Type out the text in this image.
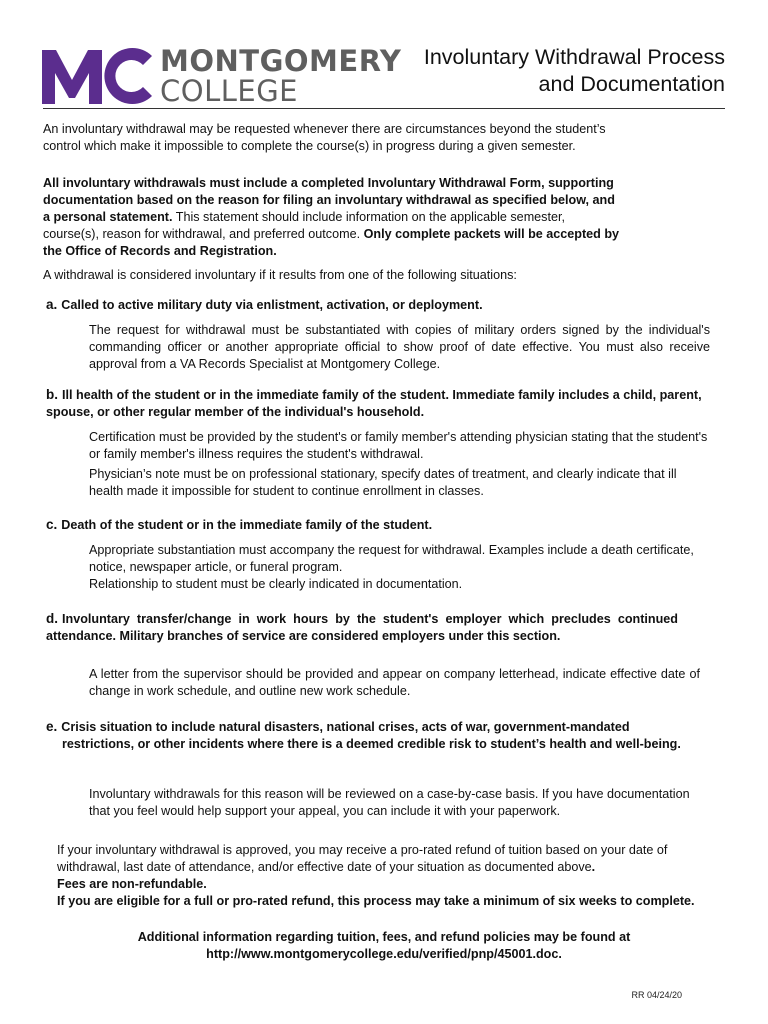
MONTGOMERY
COLLEGE
Involuntary Withdrawal Process
and Documentation
An involuntary withdrawal may be requested whenever there are circumstances beyond the student’s
control which make it impossible to complete the course(s) in progress during a given semester.
All involuntary withdrawals must include a completed Involuntary Withdrawal Form, supporting
documentation based on the reason for filing an involuntary withdrawal as specified below, and
a personal statement. This statement should include information on the applicable semester,
course(s), reason for withdrawal, and preferred outcome. Only complete packets will be accepted by
the Office of Records and Registration.
A withdrawal is considered involuntary if it results from one of the following situations:
a. Called to active military duty via enlistment, activation, or deployment.
The request for withdrawal must be substantiated with copies of military orders signed by the individual's commanding officer or another appropriate official to show proof of date effective. You must also receive approval from a VA Records Specialist at Montgomery College.
b. Ill health of the student or in the immediate family of the student. Immediate family includes a child, parent, spouse, or other regular member of the individual's household.
Certification must be provided by the student's or family member's attending physician stating that the student's or family member's illness requires the student's withdrawal.
Physician’s note must be on professional stationary, specify dates of treatment, and clearly indicate that ill health made it impossible for student to continue enrollment in classes.
c. Death of the student or in the immediate family of the student.
Appropriate substantiation must accompany the request for withdrawal. Examples include a death certificate, notice, newspaper article, or funeral program.
Relationship to student must be clearly indicated in documentation.
d. Involuntary transfer/change in work hours by the student's employer which precludes continued attendance. Military branches of service are considered employers under this section.
A letter from the supervisor should be provided and appear on company letterhead, indicate effective date of change in work schedule, and outline new work schedule.
e. Crisis situation to include natural disasters, national crises, acts of war, government-mandated restrictions, or other incidents where there is a deemed credible risk to student’s health and well-being.
Involuntary withdrawals for this reason will be reviewed on a case-by-case basis. If you have documentation that you feel would help support your appeal, you can include it with your paperwork.
If your involuntary withdrawal is approved, you may receive a pro-rated refund of tuition based on your date of withdrawal, last date of attendance, and/or effective date of your situation as documented above.
Fees are non-refundable.
If you are eligible for a full or pro-rated refund, this process may take a minimum of six weeks to complete.
Additional information regarding tuition, fees, and refund policies may be found at
http://www.montgomerycollege.edu/verified/pnp/45001.doc.
RR 04/24/20
